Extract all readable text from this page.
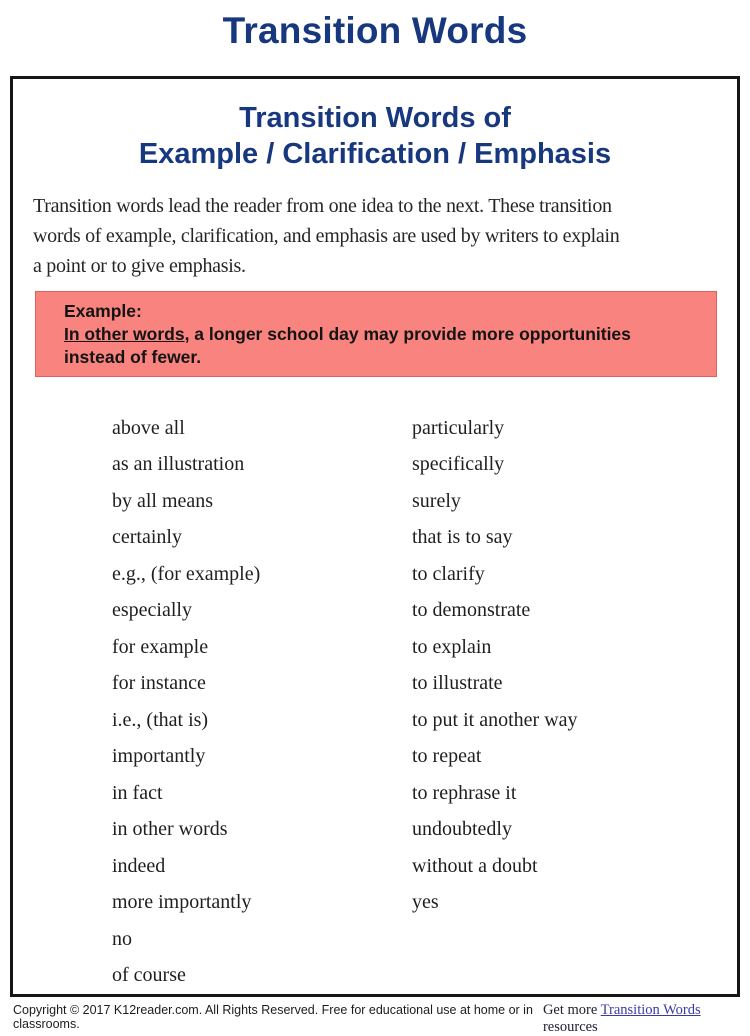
Transition Words
Transition Words of
Example / Clarification / Emphasis
Transition words lead the reader from one idea to the next. These transition
words of example, clarification, and emphasis are used by writers to explain
a point or to give emphasis.
Example:
In other words, a longer school day may provide more opportunities
instead of fewer.
above all
as an illustration
by all means
certainly
e.g., (for example)
especially
for example
for instance
i.e., (that is)
importantly
in fact
in other words
indeed
more importantly
no
of course
particularly
specifically
surely
that is to say
to clarify
to demonstrate
to explain
to illustrate
to put it another way
to repeat
to rephrase it
undoubtedly
without a doubt
yes
Copyright © 2017 K12reader.com. All Rights Reserved. Free for educational use at home or in classrooms.
Get more Transition Words resources
